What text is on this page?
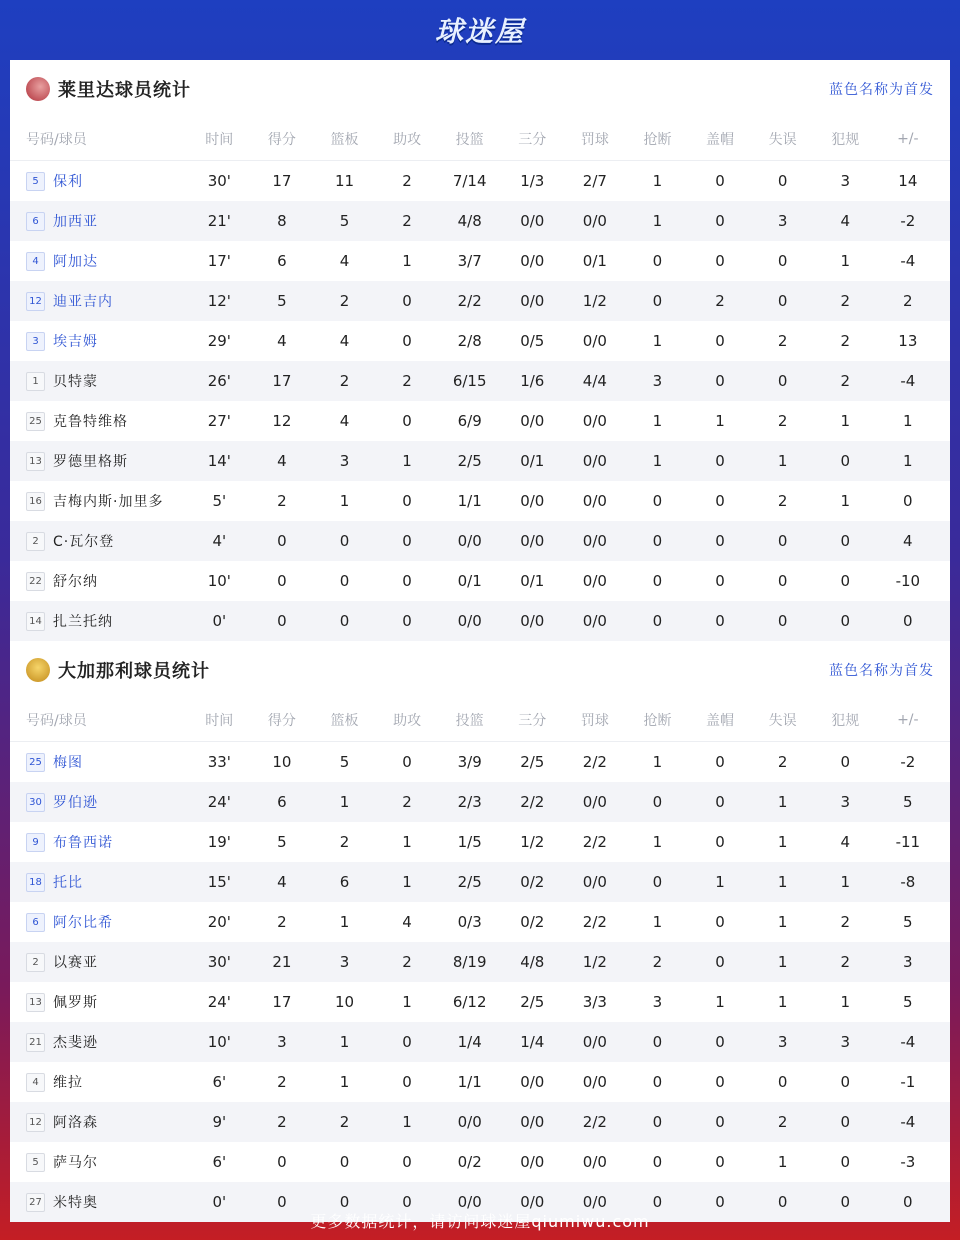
球迷屋
莱里达球员统计	蓝色名称为首发
号码/球员	时间	得分	篮板	助攻	投篮	三分	罚球	抢断	盖帽	失误	犯规	+/-
5	保利	30'	17	11	2	7/14	1/3	2/7	1	0	0	3	14
6	加西亚	21'	8	5	2	4/8	0/0	0/0	1	0	3	4	-2
4	阿加达	17'	6	4	1	3/7	0/0	0/1	0	0	0	1	-4
12 迪亚吉内	12'	5	2	0	2/2	0/0	1/2	0	2	0	2	2
3	埃吉姆	29'	4	4	0	2/8	0/5	0/0	1	0	2	2	13
1	贝特蒙	26'	17	2	2	6/15	1/6	4/4	3	0	0	2	-4
25 克鲁特维格	27'	12	4	0	6/9	0/0	0/0	1	1	2	1	1
13 罗德里格斯	14'	4	3	1	2/5	0/1	0/0	1	0	1	0	1
16 吉梅内斯·加里多	5'	2	1	0	1/1	0/0	0/0	0	0	2	1	0
2	C·瓦尔登	4'	0	0	0	0/0	0/0	0/0	0	0	0	0	4
22 舒尔纳	10'	0	0	0	0/1	0/1	0/0	0	0	0	0	-10
14 扎兰托纳	0'	0	0	0	0/0	0/0	0/0	0	0	0	0	0
大加那利球员统计	蓝色名称为首发
号码/球员	时间	得分	篮板	助攻	投篮	三分	罚球	抢断	盖帽	失误	犯规	+/-
25 梅图	33'	10	5	0	3/9	2/5	2/2	1	0	2	0	-2
30 罗伯逊	24'	6	1	2	2/3	2/2	0/0	0	0	1	3	5
9	布鲁西诺	19'	5	2	1	1/5	1/2	2/2	1	0	1	4	-11
18 托比	15'	4	6	1	2/5	0/2	0/0	0	1	1	1	-8
6	阿尔比希	20'	2	1	4	0/3	0/2	2/2	1	0	1	2	5
2	以赛亚	30'	21	3	2	8/19	4/8	1/2	2	0	1	2	3
13 佩罗斯	24'	17	10	1	6/12	2/5	3/3	3	1	1	1	5
21 杰斐逊	10'	3	1	0	1/4	1/4	0/0	0	0	3	3	-4
4	维拉	6'	2	1	0	1/1	0/0	0/0	0	0	0	0	-1
12 阿洛森	9'	2	2	1	0/0	0/0	2/2	0	0	2	0	-4
5	萨马尔	6'	0	0	0	0/2	0/0	0/0	0	0	1	0	-3
27 米特奥	0'	0	0	0	0/0	0/0	0/0	0	0	0	0	0
更多数据统计，请访问球迷屋qiumiwu.com
